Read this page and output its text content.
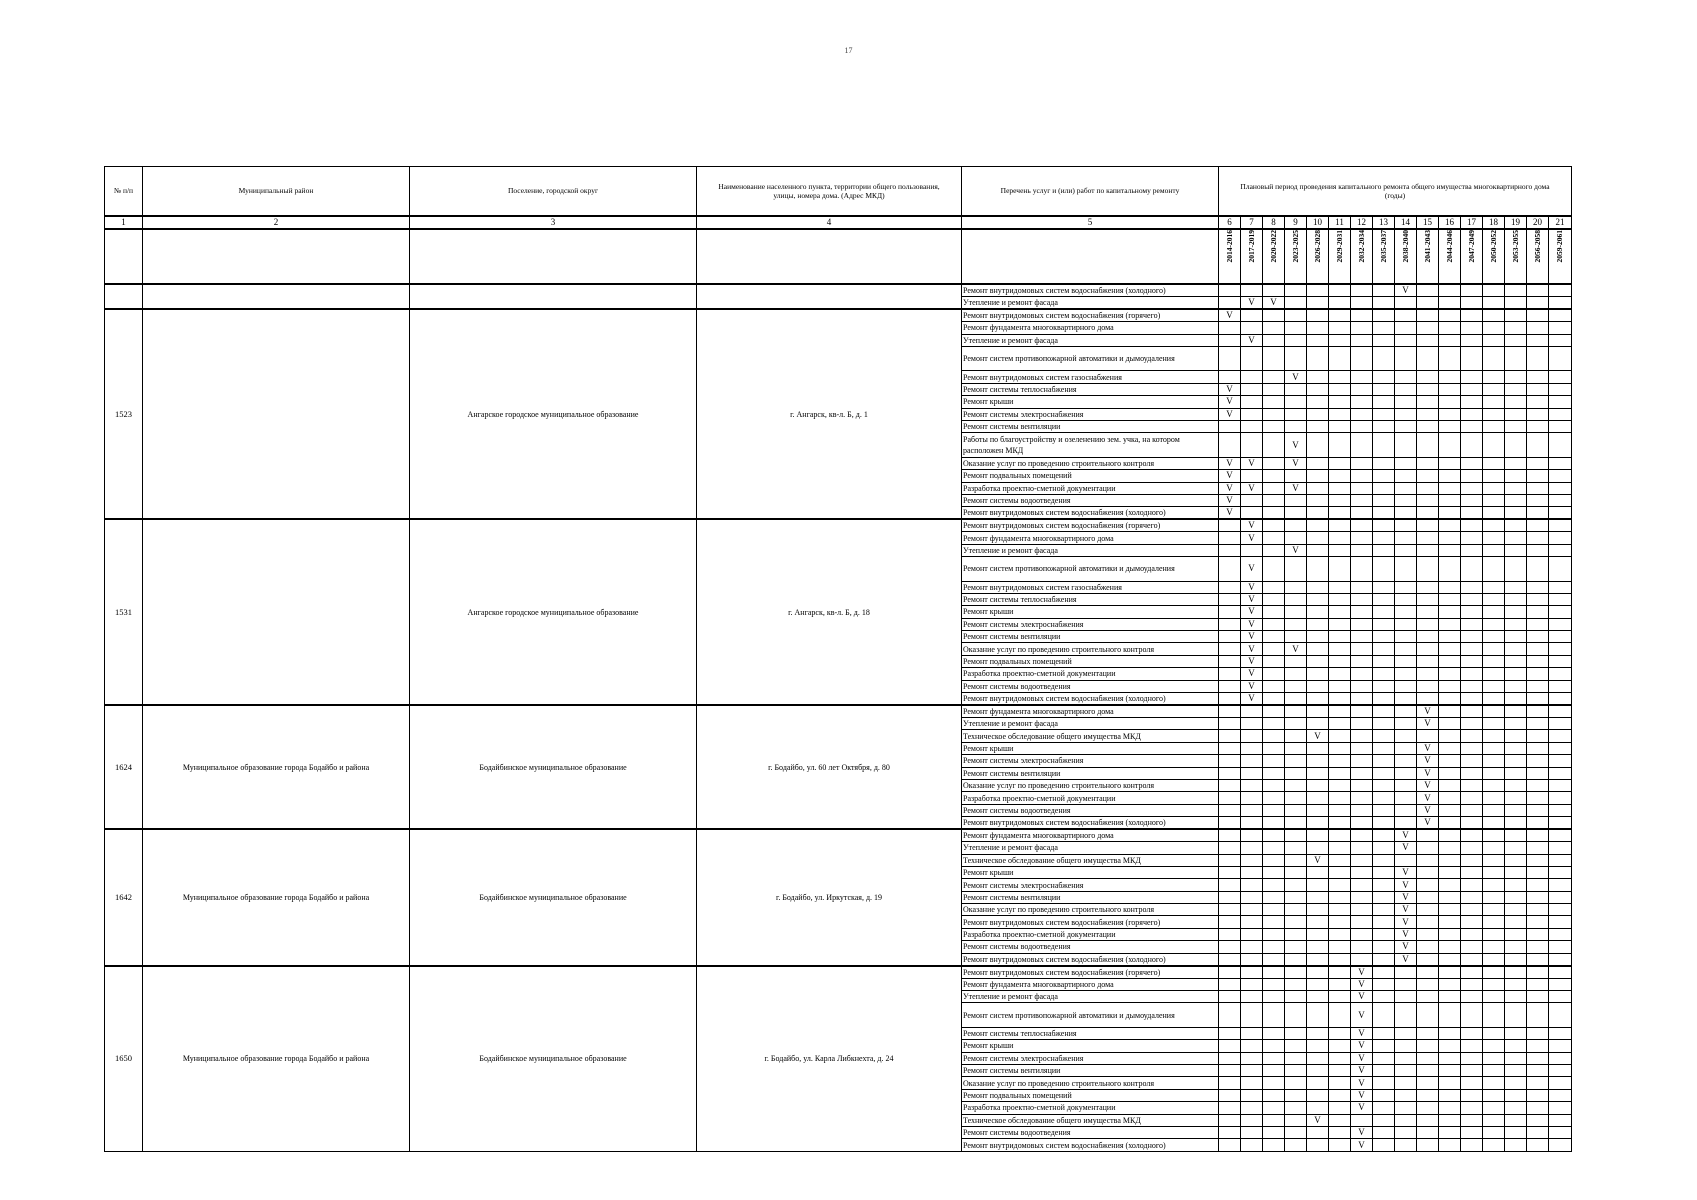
17
№ п/п	Муниципальный район	Поселение, городской округ	Наименование населенного пункта, территории общего пользования, улицы, номера дома. (Адрес МКД)	Перечень услуг и (или) работ по капитальному ремонту	Плановый период проведения капитального ремонта общего имущества многоквартирного дома (годы)															
1	2	3	4	5	6	7	8	9	10	11	12	13	14	15	16	17	18	19	20	21
					2014-2016	2017-2019	2020-2022	2023-2025	2026-2028	2029-2031	2032-2034	2035-2037	2038-2040	2041-2043	2044-2046	2047-2049	2050-2052	2053-2055	2056-2058	2059-2061
				Ремонт внутридомовых систем водоснабжения (холодного)									V							
				Утепление и ремонт фасада		V	V													
1523		Ангарское городское муниципальное образование	г. Ангарск, кв-л. Б, д. 1	Ремонт внутридомовых систем водоснабжения (горячего)	V															
				Ремонт фундамента многоквартирного дома																
				Утепление и ремонт фасада		V														
				Ремонт систем противопожарной автоматики и дымоудаления																
				Ремонт внутридомовых систем газоснабжения				V												
				Ремонт системы теплоснабжения	V															
				Ремонт крыши	V															
				Ремонт системы электроснабжения	V															
				Ремонт системы вентиляции																
				Работы по благоустройству и озеленению зем. учка, на котором расположен МКД				V												
				Оказание услуг по проведению строительного контроля	V	V		V												
				Ремонт подвальных помещений	V															
				Разработка проектно-сметной документации	V	V		V												
				Ремонт системы водоотведения	V															
				Ремонт внутридомовых систем водоснабжения (холодного)	V															
1531		Ангарское городское муниципальное образование	г. Ангарск, кв-л. Б, д. 18	Ремонт внутридомовых систем водоснабжения (горячего)		V														
				Ремонт фундамента многоквартирного дома		V														
				Утепление и ремонт фасада				V												
				Ремонт систем противопожарной автоматики и дымоудаления		V														
				Ремонт внутридомовых систем газоснабжения		V														
				Ремонт системы теплоснабжения		V														
				Ремонт крыши		V														
				Ремонт системы электроснабжения		V														
				Ремонт системы вентиляции		V														
				Оказание услуг по проведению строительного контроля		V		V												
				Ремонт подвальных помещений		V														
				Разработка проектно-сметной документации		V														
				Ремонт системы водоотведения		V														
				Ремонт внутридомовых систем водоснабжения (холодного)		V														
1624	Муниципальное образование города Бодайбо и района	Бодайбинское муниципальное образование	г. Бодайбо, ул. 60 лет Октября, д. 80	Ремонт фундамента многоквартирного дома										V						
				Утепление и ремонт фасада										V						
				Техническое обследование общего имущества МКД					V											
				Ремонт крыши										V						
				Ремонт системы электроснабжения										V						
				Ремонт системы вентиляции										V						
				Оказание услуг по проведению строительного контроля										V						
				Разработка проектно-сметной документации										V						
				Ремонт системы водоотведения										V						
				Ремонт внутридомовых систем водоснабжения (холодного)										V						
1642	Муниципальное образование города Бодайбо и района	Бодайбинское муниципальное образование	г. Бодайбо, ул. Иркутская, д. 19	Ремонт фундамента многоквартирного дома									V							
				Утепление и ремонт фасада									V							
				Техническое обследование общего имущества МКД					V											
				Ремонт крыши									V							
				Ремонт системы электроснабжения									V							
				Ремонт системы вентиляции									V							
				Оказание услуг по проведению строительного контроля									V							
				Ремонт внутридомовых систем водоснабжения (горячего)									V							
				Разработка проектно-сметной документации									V							
				Ремонт системы водоотведения									V							
				Ремонт внутридомовых систем водоснабжения (холодного)									V							
1650	Муниципальное образование города Бодайбо и района	Бодайбинское муниципальное образование	г. Бодайбо, ул. Карла Либкнехта, д. 24	Ремонт внутридомовых систем водоснабжения (горячего)							V									
				Ремонт фундамента многоквартирного дома							V									
				Утепление и ремонт фасада							V									
				Ремонт систем противопожарной автоматики и дымоудаления							V									
				Ремонт системы теплоснабжения							V									
				Ремонт крыши							V									
				Ремонт системы электроснабжения							V									
				Ремонт системы вентиляции							V									
				Оказание услуг по проведению строительного контроля							V									
				Ремонт подвальных помещений							V									
				Разработка проектно-сметной документации							V									
				Техническое обследование общего имущества МКД					V											
				Ремонт системы водоотведения							V									
				Ремонт внутридомовых систем водоснабжения (холодного)							V									
